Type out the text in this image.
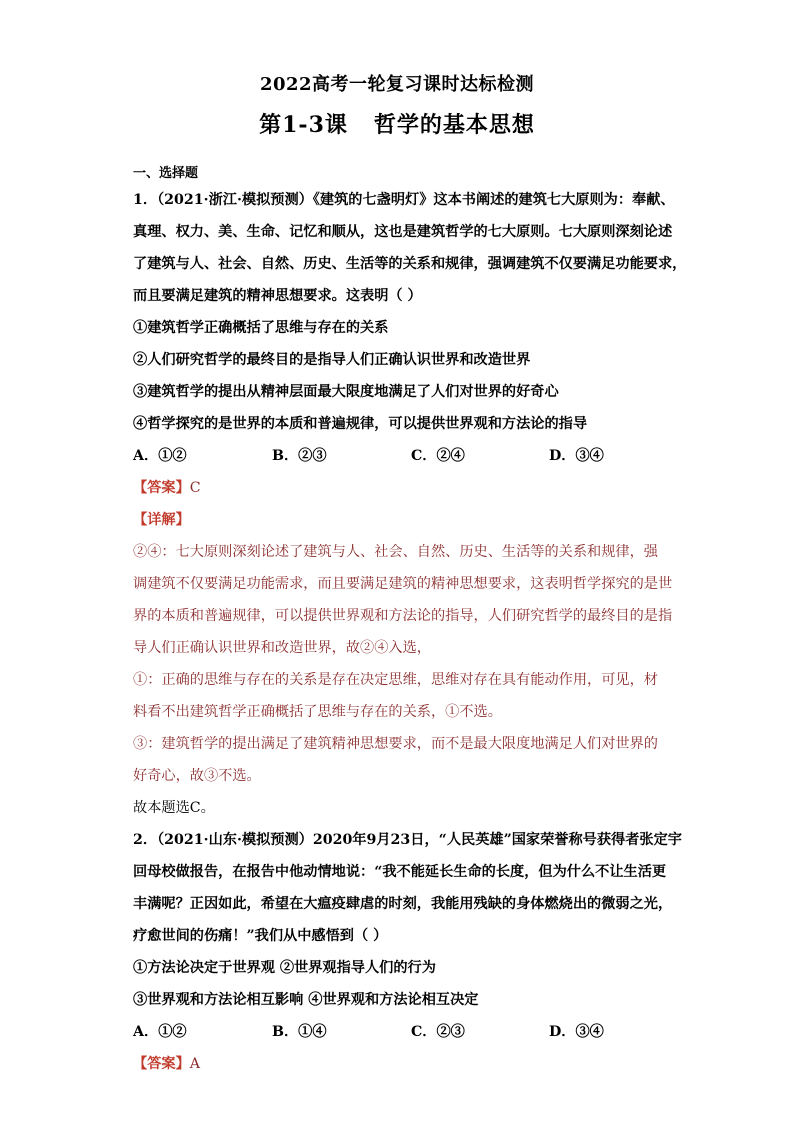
2022高考一轮复习课时达标检测
第1-3课   哲学的基本思想
一、选择题
1．（2021·浙江·模拟预测）《建筑的七盏明灯》这本书阐述的建筑七大原则为：奉献、
真理、权力、美、生命、记忆和顺从，这也是建筑哲学的七大原则。七大原则深刻论述
了建筑与人、社会、自然、历史、生活等的关系和规律，强调建筑不仅要满足功能要求，
而且要满足建筑的精神思想要求。这表明（ ）
①建筑哲学正确概括了思维与存在的关系
②人们研究哲学的最终目的是指导人们正确认识世界和改造世界
③建筑哲学的提出从精神层面最大限度地满足了人们对世界的好奇心
④哲学探究的是世界的本质和普遍规律，可以提供世界观和方法论的指导
A．①②	B．②③	C．②④	D．③④
【答案】C
【详解】
②④：七大原则深刻论述了建筑与人、社会、自然、历史、生活等的关系和规律，强
调建筑不仅要满足功能需求，而且要满足建筑的精神思想要求，这表明哲学探究的是世
界的本质和普遍规律，可以提供世界观和方法论的指导，人们研究哲学的最终目的是指
导人们正确认识世界和改造世界，故②④入选，
①：正确的思维与存在的关系是存在决定思维，思维对存在具有能动作用，可见，材
料看不出建筑哲学正确概括了思维与存在的关系，①不选。
③：建筑哲学的提出满足了建筑精神思想要求，而不是最大限度地满足人们对世界的
好奇心，故③不选。
故本题选C。
2．（2021·山东·模拟预测）2020年9月23日，“人民英雄”国家荣誉称号获得者张定宇
回母校做报告，在报告中他动情地说：“我不能延长生命的长度，但为什么不让生活更
丰满呢？正因如此，希望在大瘟疫肆虐的时刻，我能用残缺的身体燃烧出的微弱之光，
疗愈世间的伤痛！”我们从中感悟到（ ）
①方法论决定于世界观 ②世界观指导人们的行为
③世界观和方法论相互影响 ④世界观和方法论相互决定
A．①②	B．①④	C．②③	D．③④
【答案】A
